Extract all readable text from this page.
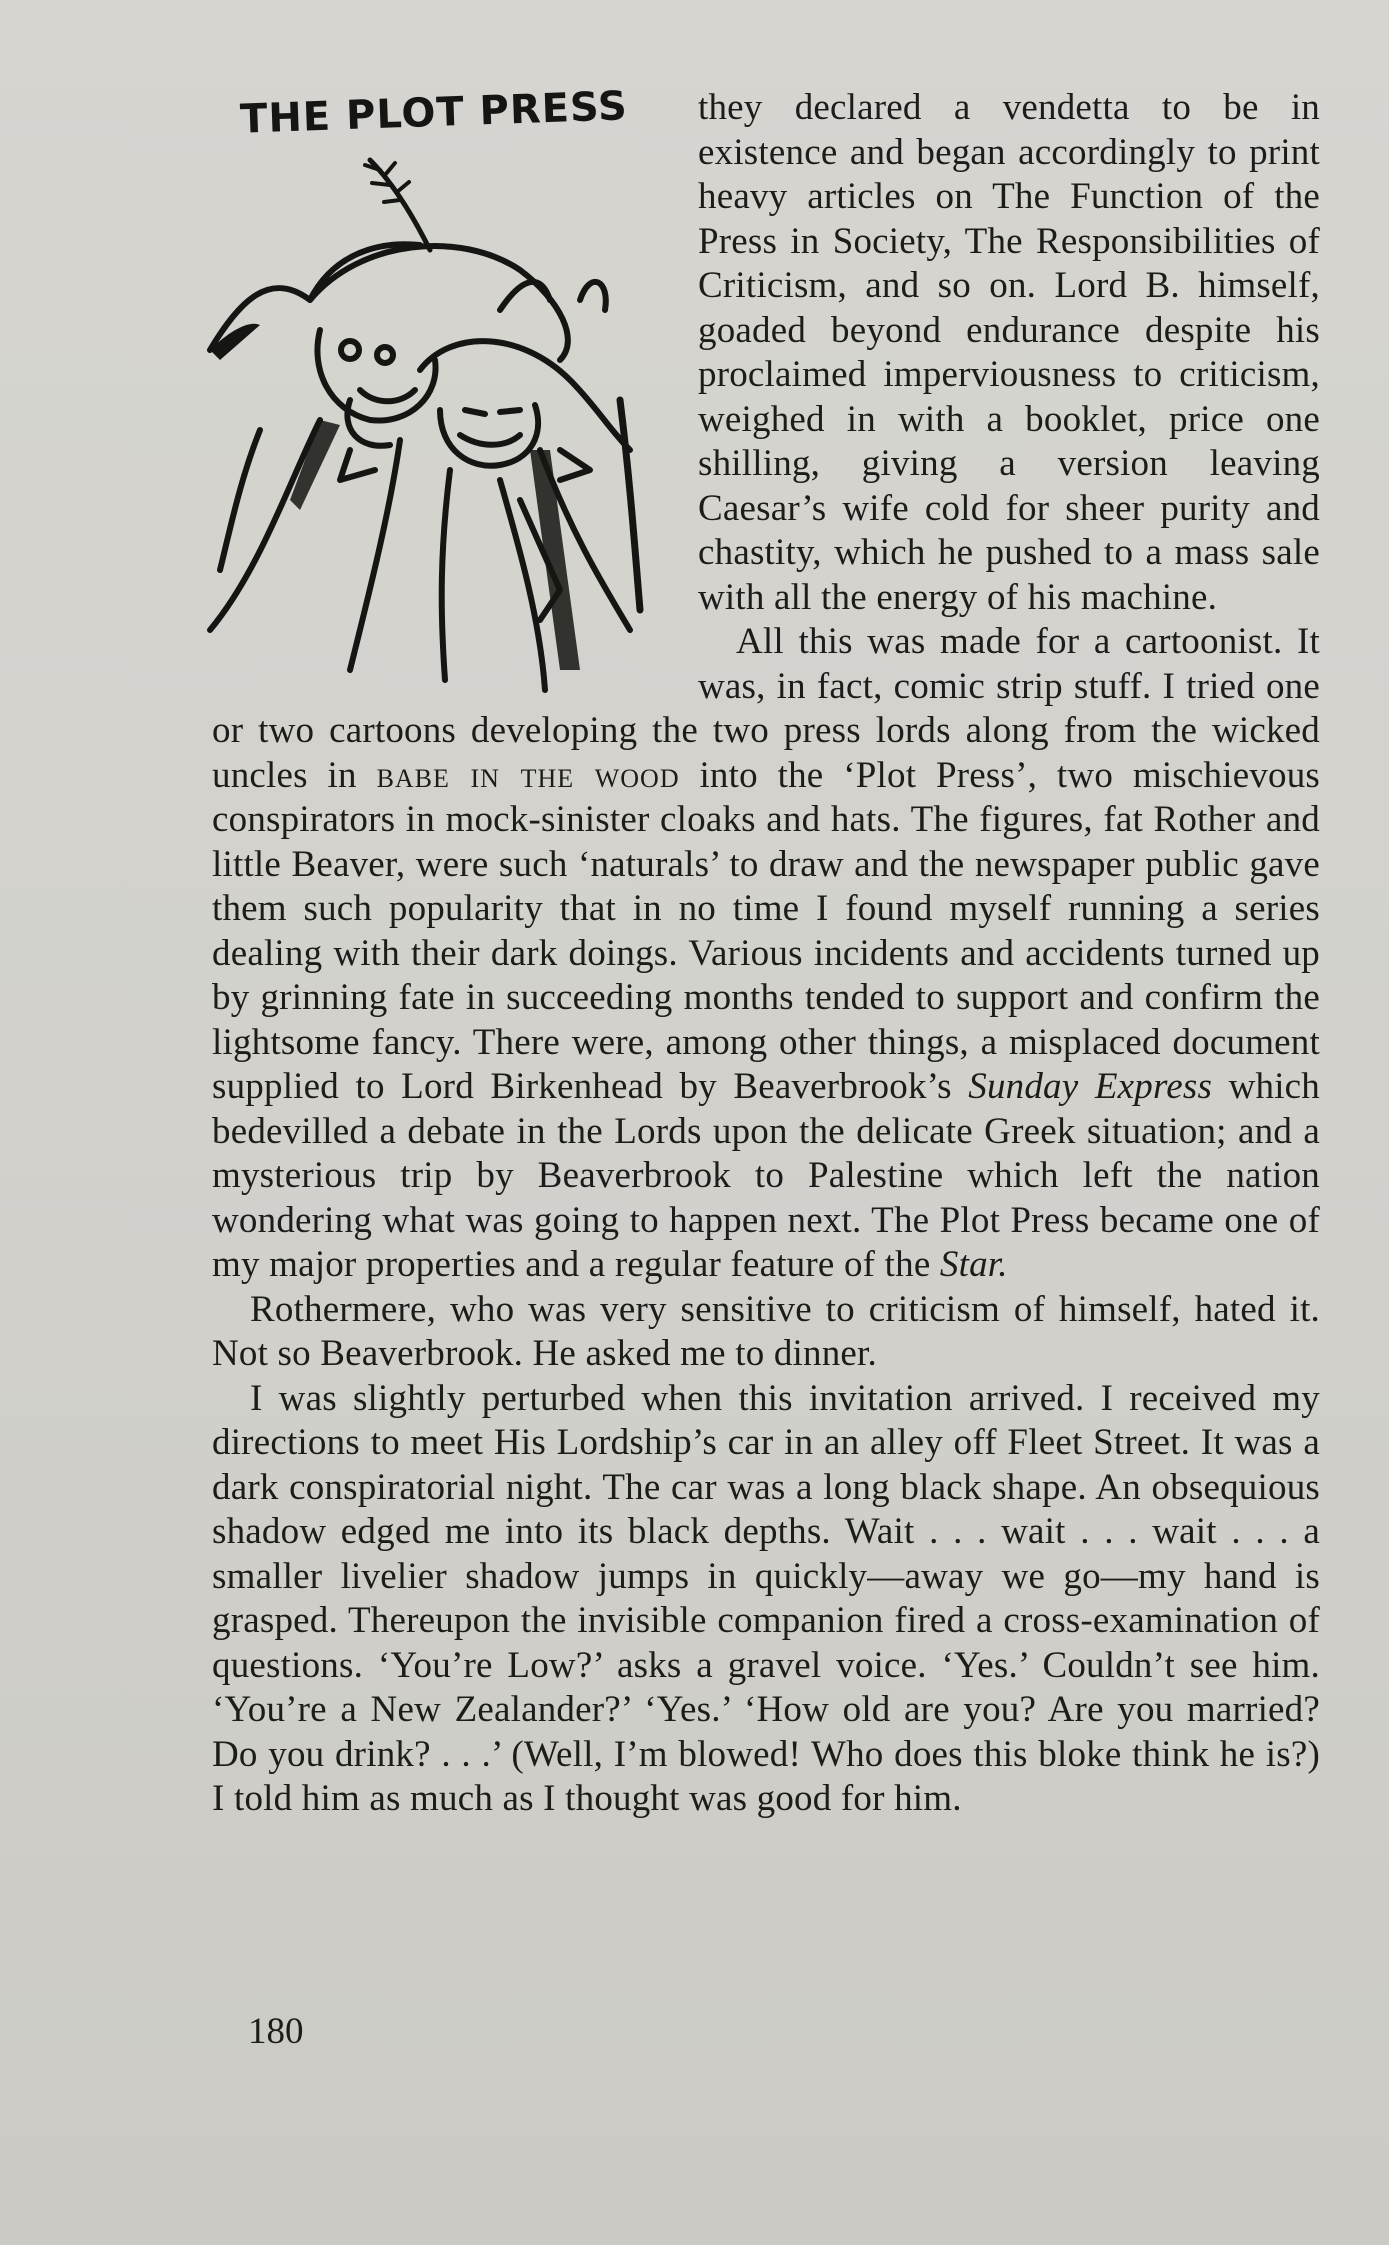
they declared a vendetta to be in existence and began accordingly to print heavy articles on The Function of the Press in Society, The Responsibilities of Criticism, and so on. Lord B. himself, goaded beyond endurance despite his proclaimed imperviousness to criticism, weighed in with a booklet, price one shilling, giving a version leaving Caesar’s wife cold for sheer purity and chastity, which he pushed to a mass sale with all the energy of his machine.

All this was made for a cartoonist. It was, in fact, comic strip stuff. I tried one or two cartoons developing the two press lords along from the wicked uncles in babe in the wood into the ‘Plot Press’, two mischievous conspirators in mock-sinister cloaks and hats. The figures, fat Rother and little Beaver, were such ‘naturals’ to draw and the newspaper public gave them such popularity that in no time I found myself running a series dealing with their dark doings. Various incidents and accidents turned up by grinning fate in succeeding months tended to support and confirm the lightsome fancy. There were, among other things, a misplaced document supplied to Lord Birkenhead by Beaverbrook’s Sunday Express which bedevilled a debate in the Lords upon the delicate Greek situation; and a mysterious trip by Beaverbrook to Palestine which left the nation wondering what was going to happen next. The Plot Press became one of my major properties and a regular feature of the Star.

Rothermere, who was very sensitive to criticism of himself, hated it. Not so Beaverbrook. He asked me to dinner.

I was slightly perturbed when this invitation arrived. I received my directions to meet His Lordship’s car in an alley off Fleet Street. It was a dark conspiratorial night. The car was a long black shape. An obsequious shadow edged me into its black depths. Wait . . . wait . . . wait . . . a smaller livelier shadow jumps in quickly—away we go—my hand is grasped. Thereupon the invisible companion fired a cross-examination of questions. ‘You’re Low?’ asks a gravel voice. ‘Yes.’ Couldn’t see him. ‘You’re a New Zealander?’ ‘Yes.’ ‘How old are you? Are you married? Do you drink? . . .’ (Well, I’m blowed! Who does this bloke think he is?) I told him as much as I thought was good for him.

THE PLOT PRESS
180
